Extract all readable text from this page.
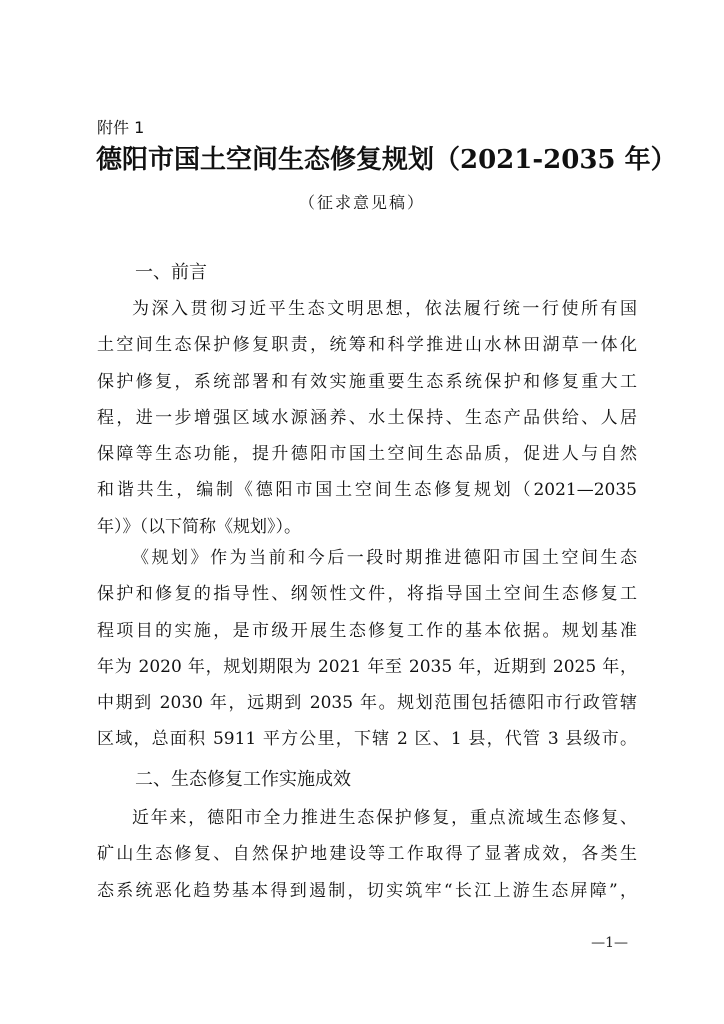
附件 1
德阳市国土空间生态修复规划（2021-2035 年）
（征求意见稿）
一、前言
为深入贯彻习近平生态文明思想，依法履行统一行使所有国
土空间生态保护修复职责，统筹和科学推进山水林田湖草一体化
保护修复，系统部署和有效实施重要生态系统保护和修复重大工
程，进一步增强区域水源涵养、水土保持、生态产品供给、人居
保障等生态功能，提升德阳市国土空间生态品质，促进人与自然
和谐共生，编制《德阳市国土空间生态修复规划（2021—2035
年）》（以下简称《规划》）。
《规划》作为当前和今后一段时期推进德阳市国土空间生态
保护和修复的指导性、纲领性文件，将指导国土空间生态修复工
程项目的实施，是市级开展生态修复工作的基本依据。规划基准
年为 2020 年，规划期限为 2021 年至 2035 年，近期到 2025 年，
中期到 2030 年，远期到 2035 年。规划范围包括德阳市行政管辖
区域，总面积 5911 平方公里，下辖 2 区、1 县，代管 3 县级市。
二、生态修复工作实施成效
近年来，德阳市全力推进生态保护修复，重点流域生态修复、
矿山生态修复、自然保护地建设等工作取得了显著成效，各类生
态系统恶化趋势基本得到遏制，切实筑牢“长江上游生态屏障”，
—1—
